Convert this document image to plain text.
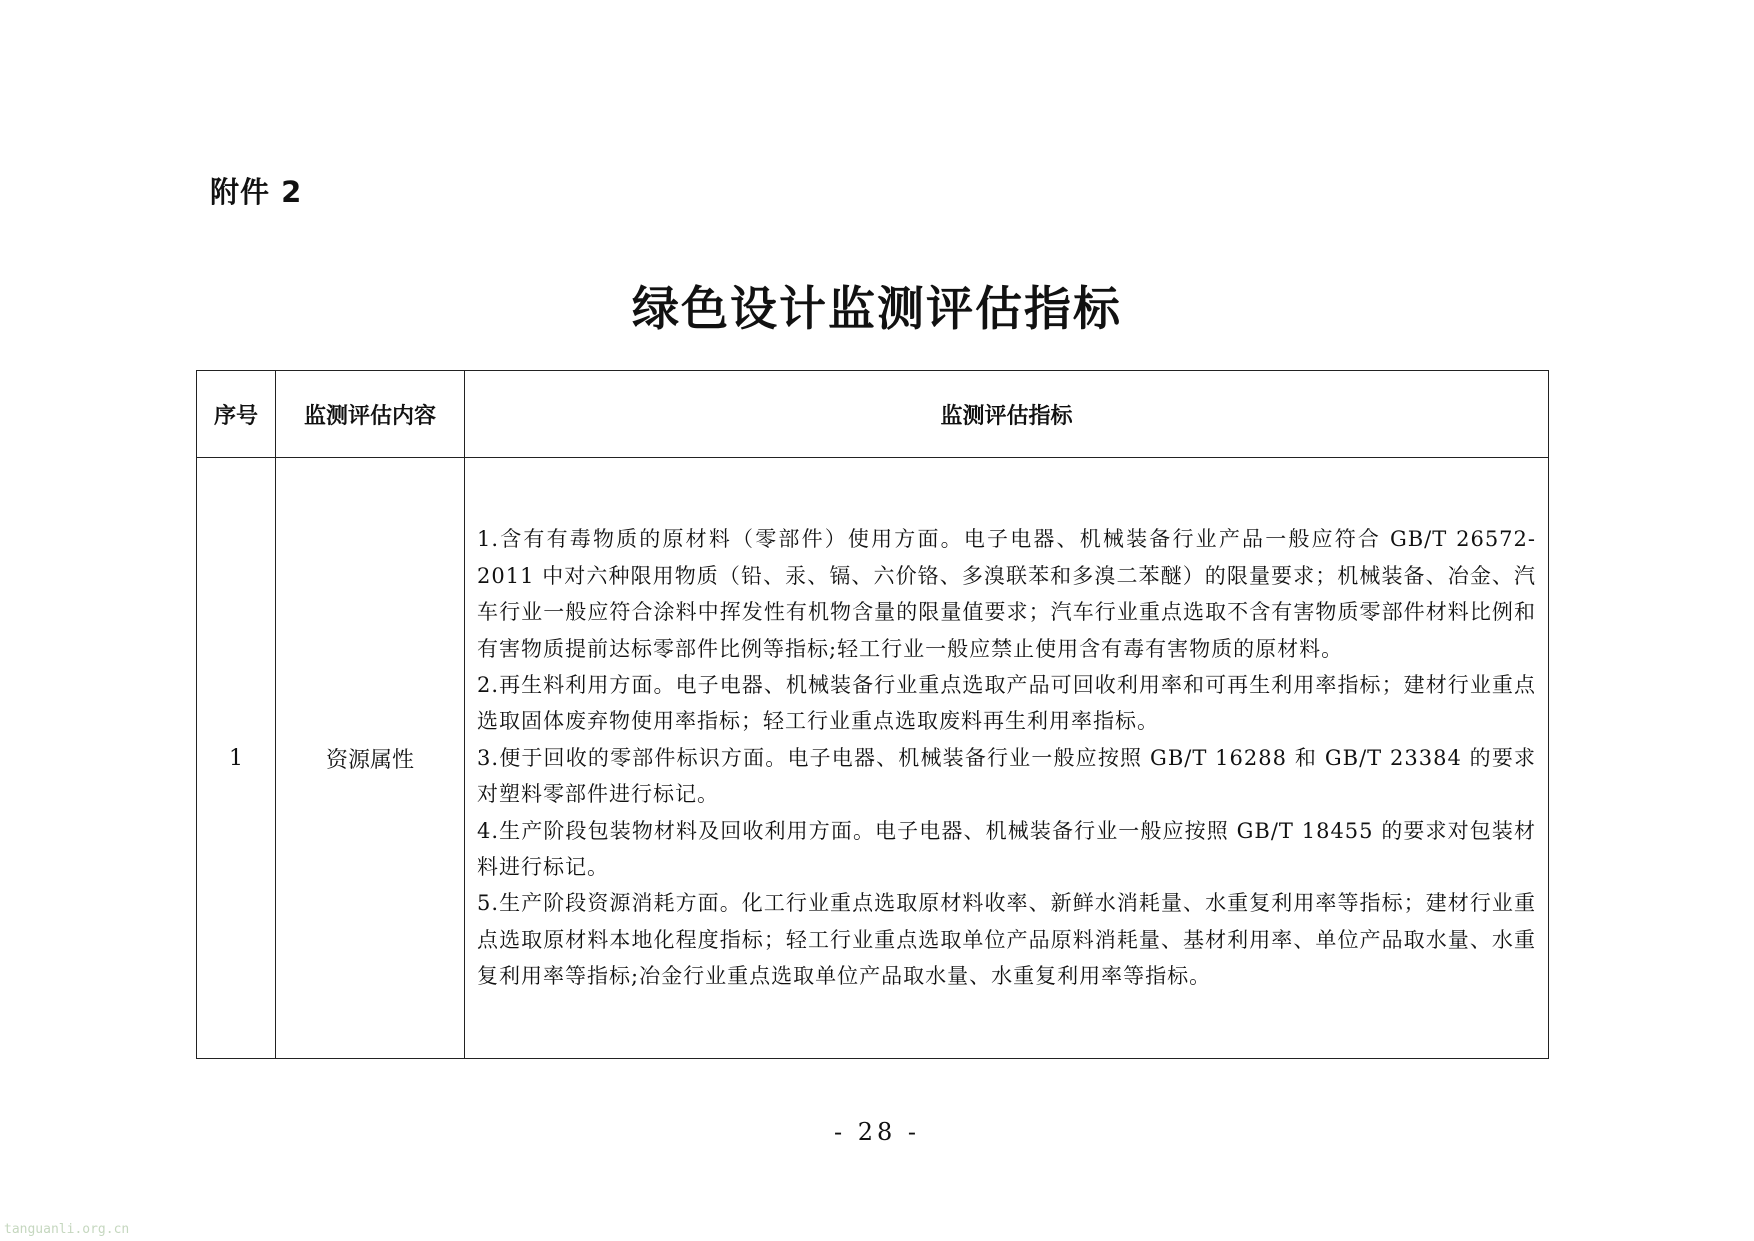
附件 2
绿色设计监测评估指标
序号	监测评估内容	监测评估指标
1	资源属性	1.含有有毒物质的原材料（零部件）使用方面。电子电器、机械装备行业产品一般应符合 GB/T 26572-2011 中对六种限用物质（铅、汞、镉、六价铬、多溴联苯和多溴二苯醚）的限量要求；机械装备、冶金、汽车行业一般应符合涂料中挥发性有机物含量的限量值要求；汽车行业重点选取不含有害物质零部件材料比例和有害物质提前达标零部件比例等指标;轻工行业一般应禁止使用含有毒有害物质的原材料。
2.再生料利用方面。电子电器、机械装备行业重点选取产品可回收利用率和可再生利用率指标；建材行业重点选取固体废弃物使用率指标；轻工行业重点选取废料再生利用率指标。
3.便于回收的零部件标识方面。电子电器、机械装备行业一般应按照 GB/T 16288 和 GB/T 23384 的要求对塑料零部件进行标记。
4.生产阶段包装物材料及回收利用方面。电子电器、机械装备行业一般应按照 GB/T 18455 的要求对包装材料进行标记。
5.生产阶段资源消耗方面。化工行业重点选取原材料收率、新鲜水消耗量、水重复利用率等指标；建材行业重点选取原材料本地化程度指标；轻工行业重点选取单位产品原料消耗量、基材利用率、单位产品取水量、水重复利用率等指标;冶金行业重点选取单位产品取水量、水重复利用率等指标。
- 28 -
tanguanli.org.cn
